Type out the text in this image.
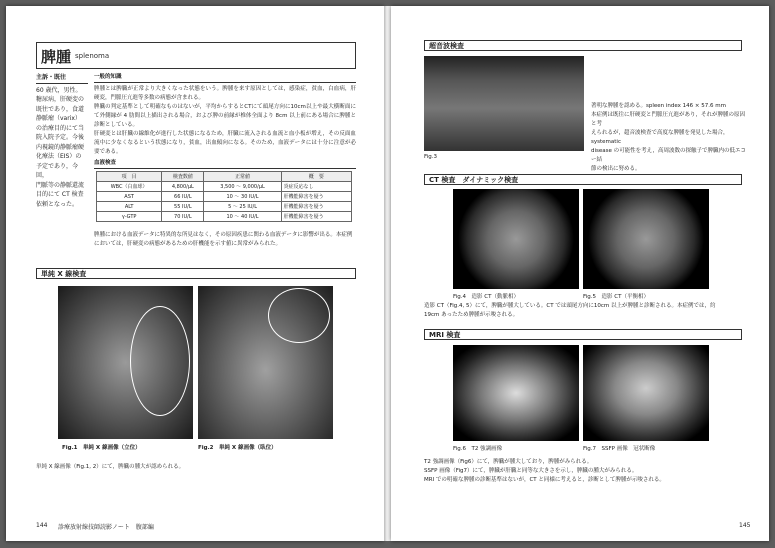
脾腫 splenoma
主訴・既往
60 歳代，男性。
糖尿病，肝硬変の
既往であり，食道
静脈瘤（varix）
の治療目的にて当
院入院予定。今後
内視鏡的静脈瘤硬
化療法（EIS）の
予定であり，今回，
門脈等の静脈還流
目的にて CT 検査
依頼となった。
一般的知識

脾腫とは脾臓が正常より大きくなった状態をいう。脾腫を来す原因としては，感染症，貧血，白血病，肝硬変，門脈圧亢進等多数の病態が含まれる。

脾臓の判定基準として明確なものはないが，平均からするとCTにて頭尾方向に10cm以上や最大横断面にて外側縁が 4 肋間以上描出される場合，および脾の前縁が椎体全面より 8cm 以上前にある場合に脾腫と診断としている。

肝硬変とは肝臓の線維化が進行した状態になるため，肝臓に流入される血流と血小板が増え，その反面血流中に少なくなるという状態になり，貧血，出血傾向になる。そのため，血液データには十分に注意が必要である。

血液検査
項　目	検査数値	正常値	概　要
WBC（白血球）	4,800/μL	3,500 〜 9,000/μL	炎症反応なし
AST	66 IU/L	10 〜 30 IU/L	肝機能障害を疑う
ALT	55 IU/L	5 〜 25 IU/L	肝機能障害を疑う
γ-GTP	70 IU/L	10 〜 40 IU/L	肝機能障害を疑う
脾腫における血液データに特異的な所見はなく，その原因疾患に関わる血液データに影響が出る。本症例においては，肝硬変の病態があるための肝機能を示す値に異常がみられた。
単純 X 線検査
Fig.1　単純 X 線画像（立位）	Fig.2　単純 X 線画像（臥位）
単純 X 線画像（Fig.1, 2）にて，脾臓の腫大が認められる。
144 診療放射線技師読影ノート　腹部編
超音波検査
Fig.3
著明な脾腫を認める。spleen index 146 × 57.6 mm
本症例は既往に肝硬変と門脈圧亢進があり，それが脾腫の原因と考
えられるが，超音波検査で高度な脾腫を発見した場合，systematic
disease の可能性を考え，高周波数の探触子で脾臓内の低エコー結
節の検出に努める。
CT 検査　ダイナミック検査
Fig.4　造影 CT（動脈相）	Fig.5　造影 CT（平衡相）
造影 CT（Fig.4, 5）にて，脾臓が腫大している。CT では頭尾方向に10cm 以上が脾腫と診断される。本症例では，約
19cm あったため脾腫が示唆される。
MRI 検査
Fig.6　T2 強調画像	Fig.7　SSFP 画像　冠状断像
T2 強調画像（Fig6）にて，脾臓が腫大しており，脾腫がみられる。
SSFP 画像（Fig7）にて，脾臓が肝臓と同等な大きさを示し，脾臓の腫大がみられる。
MRI での明確な脾腫の診断基準はないが，CT と同様に考えると，診断として脾腫が示唆される。
145
